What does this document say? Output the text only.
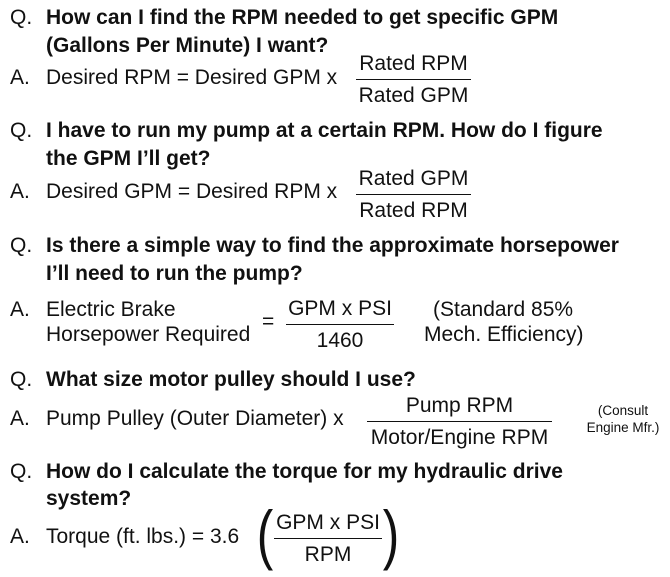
Q. How can I find the RPM needed to get specific GPM
(Gallons Per Minute) I want?
A. Desired RPM = Desired GPM x
Rated RPM
Rated GPM
Q. I have to run my pump at a certain RPM. How do I figure
the GPM I’ll get?
A. Desired GPM = Desired RPM x
Rated GPM
Rated RPM
Q. Is there a simple way to find the approximate horsepower
I’ll need to run the pump?
A. Electric Brake
Horsepower Required
=
GPM x PSI
1460
(Standard 85%
Mech. Efficiency)
Q. What size motor pulley should I use?
A. Pump Pulley (Outer Diameter) x
Pump RPM
Motor/Engine RPM
(Consult
Engine Mfr.)
Q. How do I calculate the torque for my hydraulic drive
system?
A. Torque (ft. lbs.) = 3.6 ( GPM x PSI
RPM )
